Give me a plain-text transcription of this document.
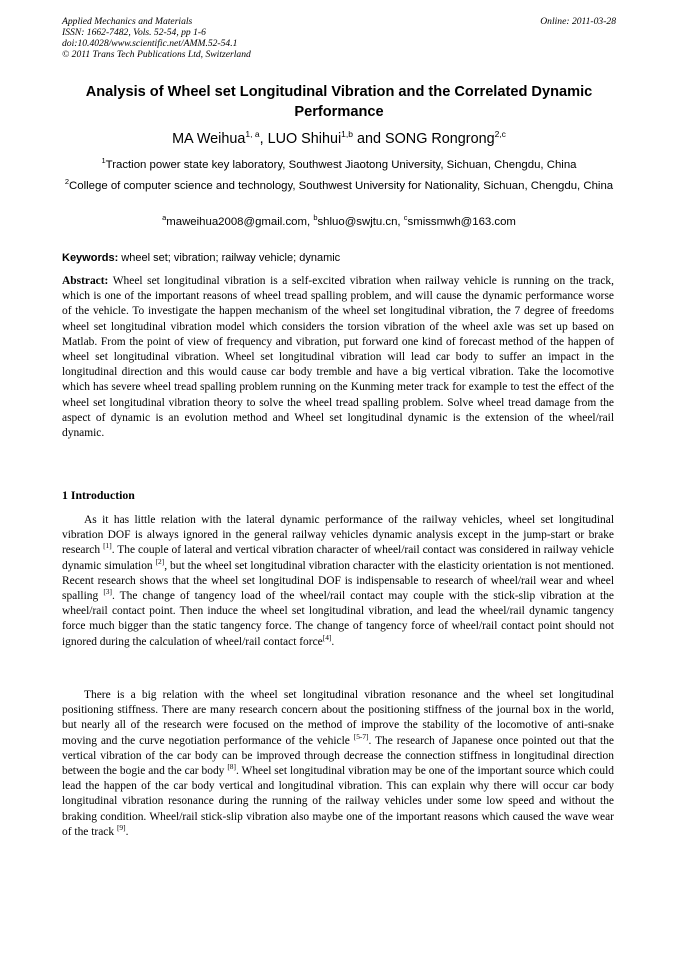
Applied Mechanics and Materials
ISSN: 1662-7482, Vols. 52-54, pp 1-6
doi:10.4028/www.scientific.net/AMM.52-54.1
© 2011 Trans Tech Publications Ltd, Switzerland
Online: 2011-03-28
Analysis of Wheel set Longitudinal Vibration and the Correlated Dynamic Performance
MA Weihua$^{1, a}$, LUO Shihui$^{1,b}$ and SONG Rongrong$^{2,c}$
$^1$Traction power state key laboratory, Southwest Jiaotong University, Sichuan, Chengdu, China
$^2$College of computer science and technology, Southwest University for Nationality, Sichuan, Chengdu, China
$^a$maweihua2008@gmail.com, $^b$shluo@swjtu.cn, $^c$smissmwh@163.com
Keywords: wheel set; vibration; railway vehicle; dynamic
Abstract: Wheel set longitudinal vibration is a self-excited vibration when railway vehicle is running on the track, which is one of the important reasons of wheel tread spalling problem, and will cause the dynamic performance worse of the vehicle. To investigate the happen mechanism of the wheel set longitudinal vibration, the 7 degree of freedoms wheel set longitudinal vibration model which considers the torsion vibration of the wheel axle was set up based on Matlab. From the point of view of frequency and vibration, put forward one kind of forecast method of the happen of wheel set longitudinal vibration. Wheel set longitudinal vibration will lead car body to suffer an impact in the longitudinal direction and this would cause car body tremble and have a big vertical vibration. Take the locomotive which has severe wheel tread spalling problem running on the Kunming meter track for example to test the effect of the wheel set longitudinal vibration theory to solve the wheel tread spalling problem. Solve wheel tread damage from the aspect of dynamic is an evolution method and Wheel set longitudinal dynamic is the extension of the wheel/rail dynamic.
1 Introduction
As it has little relation with the lateral dynamic performance of the railway vehicles, wheel set longitudinal vibration DOF is always ignored in the general railway vehicles dynamic analysis except in the jump-start or brake research [1]. The couple of lateral and vertical vibration character of wheel/rail contact was considered in railway vehicle dynamic simulation [2], but the wheel set longitudinal vibration character with the elasticity orientation is not mentioned. Recent research shows that the wheel set longitudinal DOF is indispensable to research of wheel/rail wear and wheel spalling [3]. The change of tangency load of the wheel/rail contact may couple with the stick-slip vibration at the wheel/rail contact point. Then induce the wheel set longitudinal vibration, and lead the wheel/rail dynamic tangency force much bigger than the static tangency force. The change of tangency force of wheel/rail contact point should not ignored during the calculation of wheel/rail contact force[4].
There is a big relation with the wheel set longitudinal vibration resonance and the wheel set longitudinal positioning stiffness. There are many research concern about the positioning stiffness of the journal box in the world, but nearly all of the research were focused on the method of improve the stability of the locomotive of anti-snake moving and the curve negotiation performance of the vehicle [5-7]. The research of Japanese once pointed out that the vertical vibration of the car body can be improved through decrease the connection stiffness in longitudinal direction between the bogie and the car body [8]. Wheel set longitudinal vibration may be one of the important source which could lead the happen of the car body vertical and longitudinal vibration. This can explain why there will occur car body longitudinal vibration resonance during the running of the railway vehicles under some low speed and without the braking condition. Wheel/rail stick-slip vibration also maybe one of the important reasons which caused the wave wear of the track [9].
